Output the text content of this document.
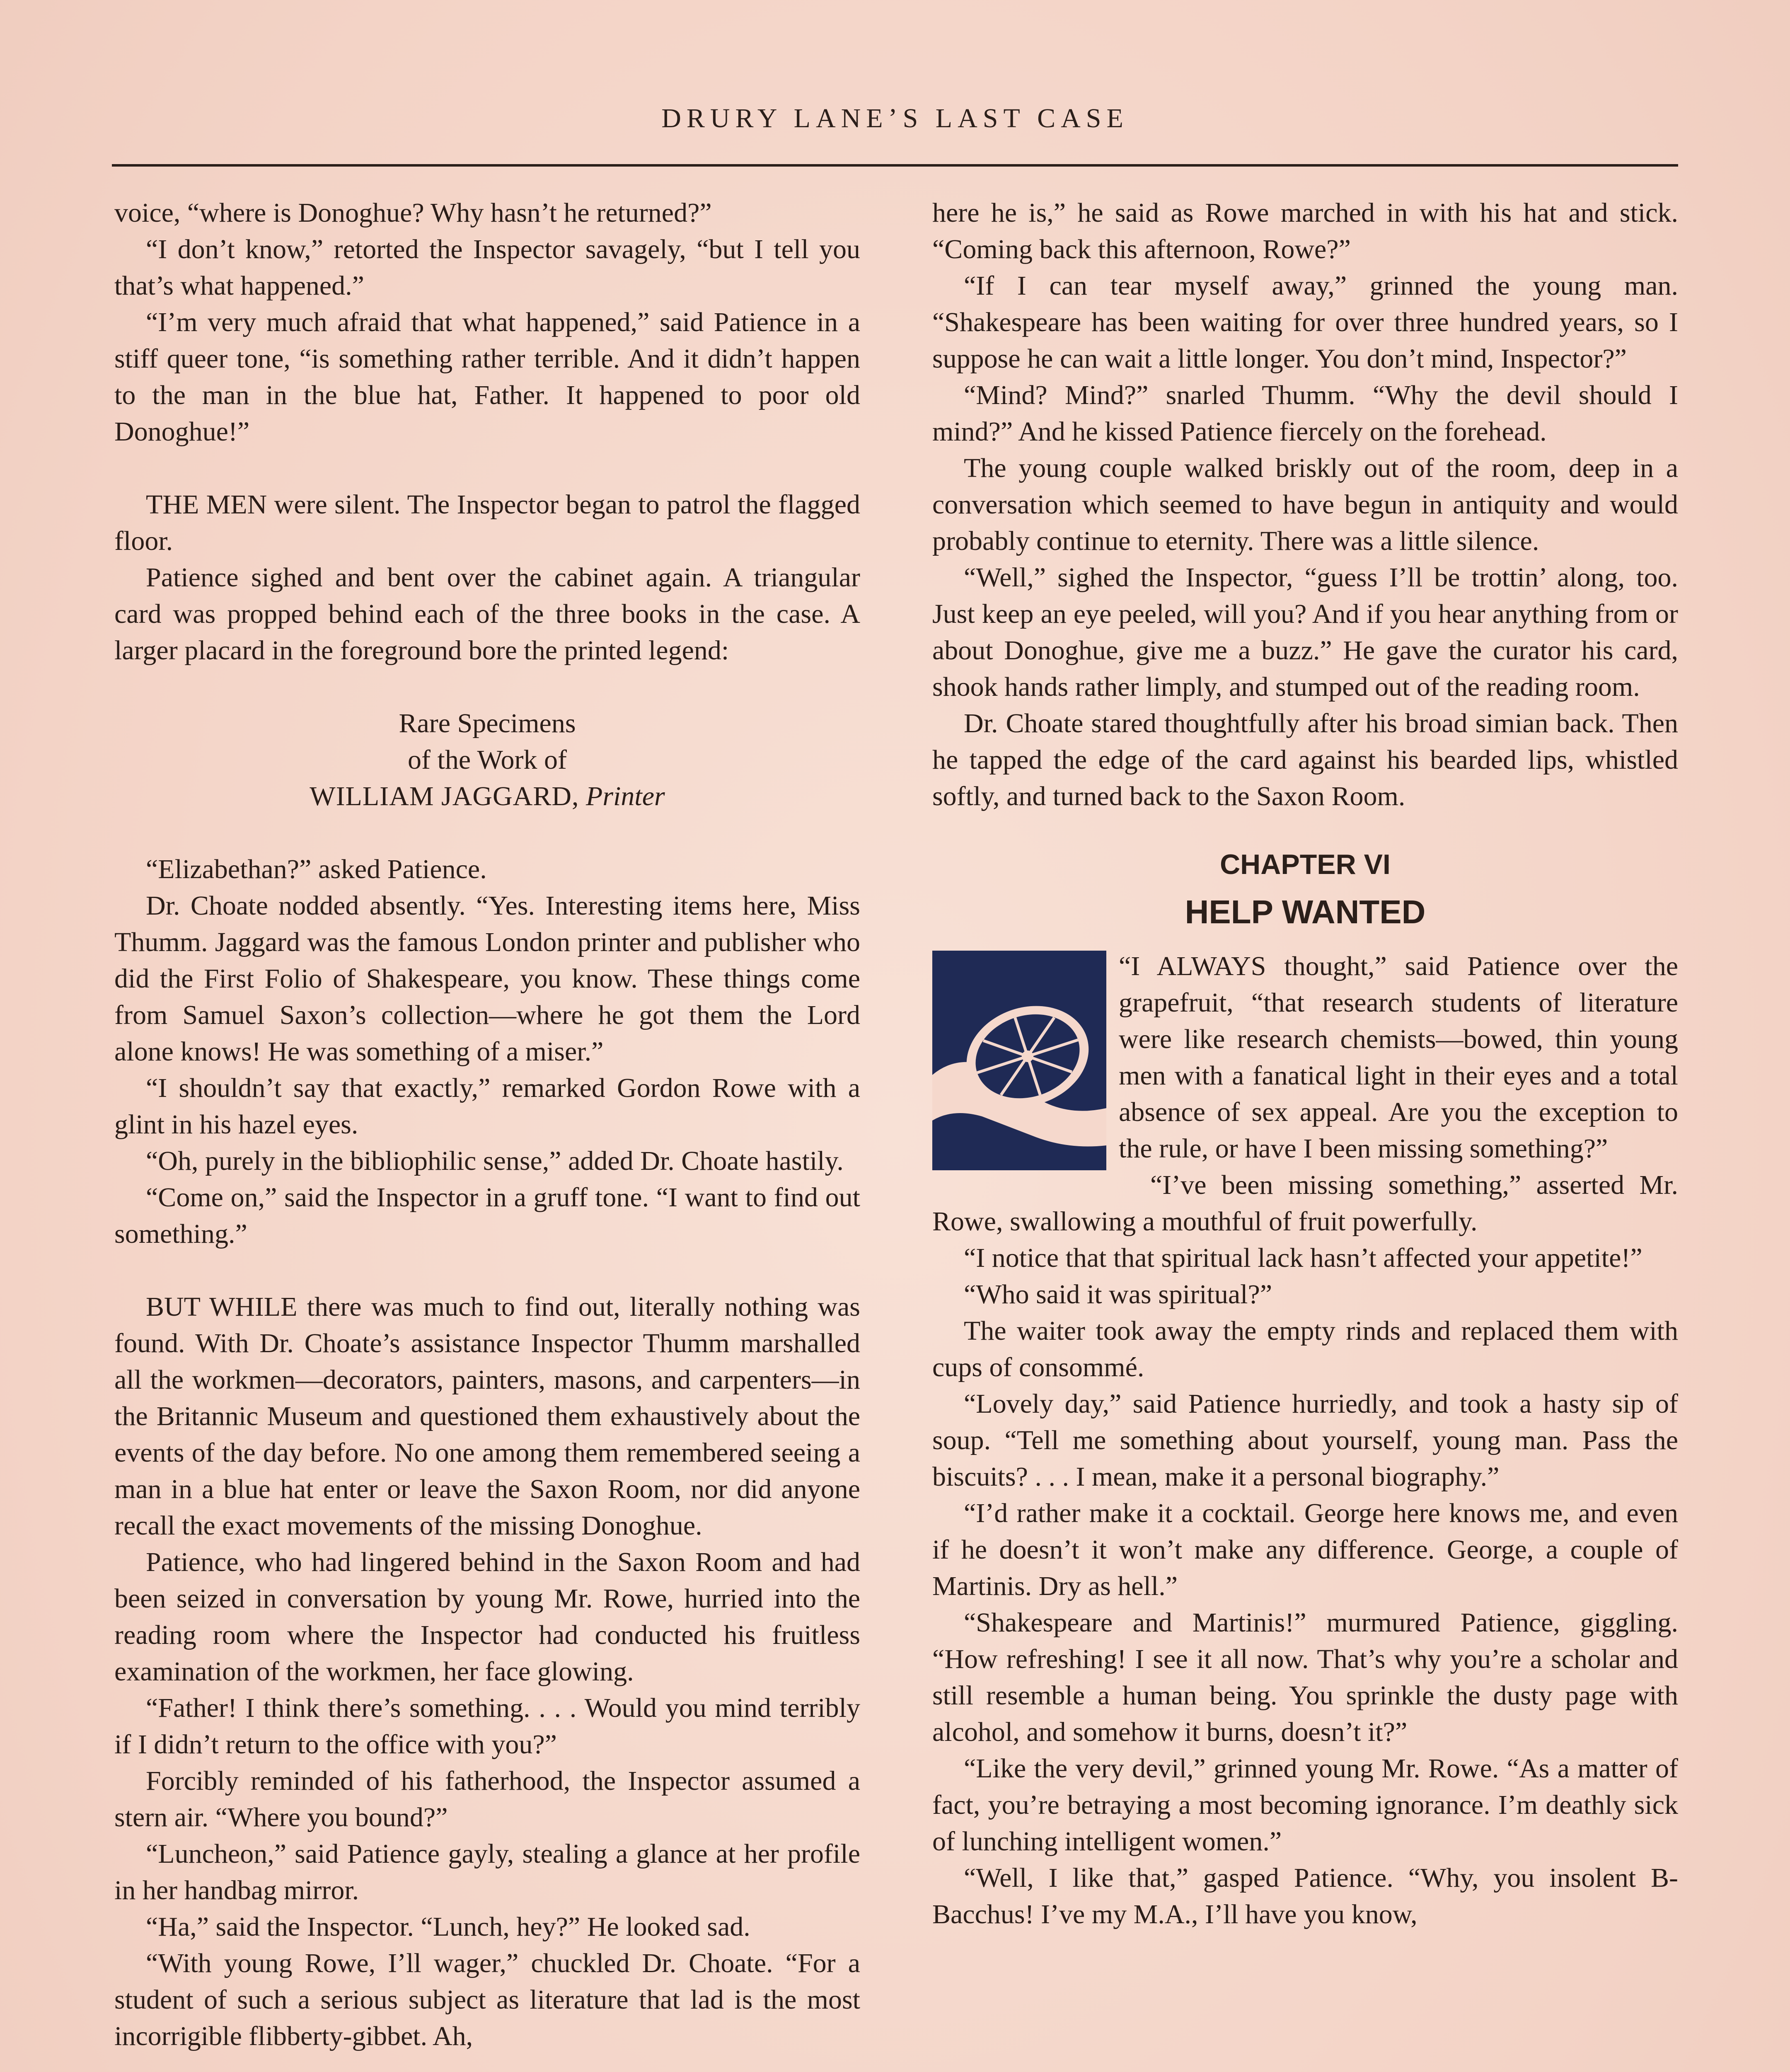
DRURY LANE’S LAST CASE

voice, “where is Donoghue? Why hasn’t he returned?”

“I don’t know,” retorted the Inspector savagely, “but I tell you that’s what happened.”

“I’m very much afraid that what happened,” said Patience in a stiff queer tone, “is something rather terrible. And it didn’t happen to the man in the blue hat, Father. It happened to poor old Donoghue!”

THE MEN were silent. The Inspector began to patrol the flagged floor.

Patience sighed and bent over the cabinet again. A triangular card was propped behind each of the three books in the case. A larger placard in the foreground bore the printed legend:

Rare Specimens
of the Work of
WILLIAM JAGGARD, Printer

“Elizabethan?” asked Patience.

Dr. Choate nodded absently. “Yes. Interesting items here, Miss Thumm. Jaggard was the famous London printer and publisher who did the First Folio of Shakespeare, you know. These things come from Samuel Saxon’s collection—where he got them the Lord alone knows! He was something of a miser.”

“I shouldn’t say that exactly,” remarked Gordon Rowe with a glint in his hazel eyes.

“Oh, purely in the bibliophilic sense,” added Dr. Choate hastily.

“Come on,” said the Inspector in a gruff tone. “I want to find out something.”

BUT WHILE there was much to find out, literally nothing was found. With Dr. Choate’s assistance Inspector Thumm marshalled all the workmen—decorators, painters, masons, and carpenters—in the Britannic Museum and questioned them exhaustively about the events of the day before. No one among them remembered seeing a man in a blue hat enter or leave the Saxon Room, nor did anyone recall the exact movements of the missing Donoghue.

Patience, who had lingered behind in the Saxon Room and had been seized in conversation by young Mr. Rowe, hurried into the reading room where the Inspector had conducted his fruitless examination of the workmen, her face glowing.

“Father! I think there’s something. . . . Would you mind terribly if I didn’t return to the office with you?”

Forcibly reminded of his fatherhood, the Inspector assumed a stern air. “Where you bound?”

“Luncheon,” said Patience gayly, stealing a glance at her profile in her handbag mirror.

“Ha,” said the Inspector. “Lunch, hey?” He looked sad.

“With young Rowe, I’ll wager,” chuckled Dr. Choate. “For a student of such a serious subject as literature that lad is the most incorrigible flibberty-gibbet. Ah,

here he is,” he said as Rowe marched in with his hat and stick. “Coming back this afternoon, Rowe?”

“If I can tear myself away,” grinned the young man. “Shakespeare has been waiting for over three hundred years, so I suppose he can wait a little longer. You don’t mind, Inspector?”

“Mind? Mind?” snarled Thumm. “Why the devil should I mind?” And he kissed Patience fiercely on the forehead.

The young couple walked briskly out of the room, deep in a conversation which seemed to have begun in antiquity and would probably continue to eternity. There was a little silence.

“Well,” sighed the Inspector, “guess I’ll be trottin’ along, too. Just keep an eye peeled, will you? And if you hear anything from or about Donoghue, give me a buzz.” He gave the curator his card, shook hands rather limply, and stumped out of the reading room.

Dr. Choate stared thoughtfully after his broad simian back. Then he tapped the edge of the card against his bearded lips, whistled softly, and turned back to the Saxon Room.

CHAPTER VI
HELP WANTED

“I ALWAYS thought,” said Patience over the grapefruit, “that research students of literature were like research chemists—bowed, thin young men with a fanatical light in their eyes and a total absence of sex appeal. Are you the exception to the rule, or have I been missing something?”

“I’ve been missing something,” asserted Mr. Rowe, swallowing a mouthful of fruit powerfully.

“I notice that that spiritual lack hasn’t affected your appetite!”

“Who said it was spiritual?”

The waiter took away the empty rinds and replaced them with cups of consommé.

“Lovely day,” said Patience hurriedly, and took a hasty sip of soup. “Tell me something about yourself, young man. Pass the biscuits? . . . I mean, make it a personal biography.”

“I’d rather make it a cocktail. George here knows me, and even if he doesn’t it won’t make any difference. George, a couple of Martinis. Dry as hell.”

“Shakespeare and Martinis!” murmured Patience, giggling. “How refreshing! I see it all now. That’s why you’re a scholar and still resemble a human being. You sprinkle the dusty page with alcohol, and somehow it burns, doesn’t it?”

“Like the very devil,” grinned young Mr. Rowe. “As a matter of fact, you’re betraying a most becoming ignorance. I’m deathly sick of lunching intelligent women.”

“Well, I like that,” gasped Patience. “Why, you insolent B-Bacchus! I’ve my M.A., I’ll have you know,
